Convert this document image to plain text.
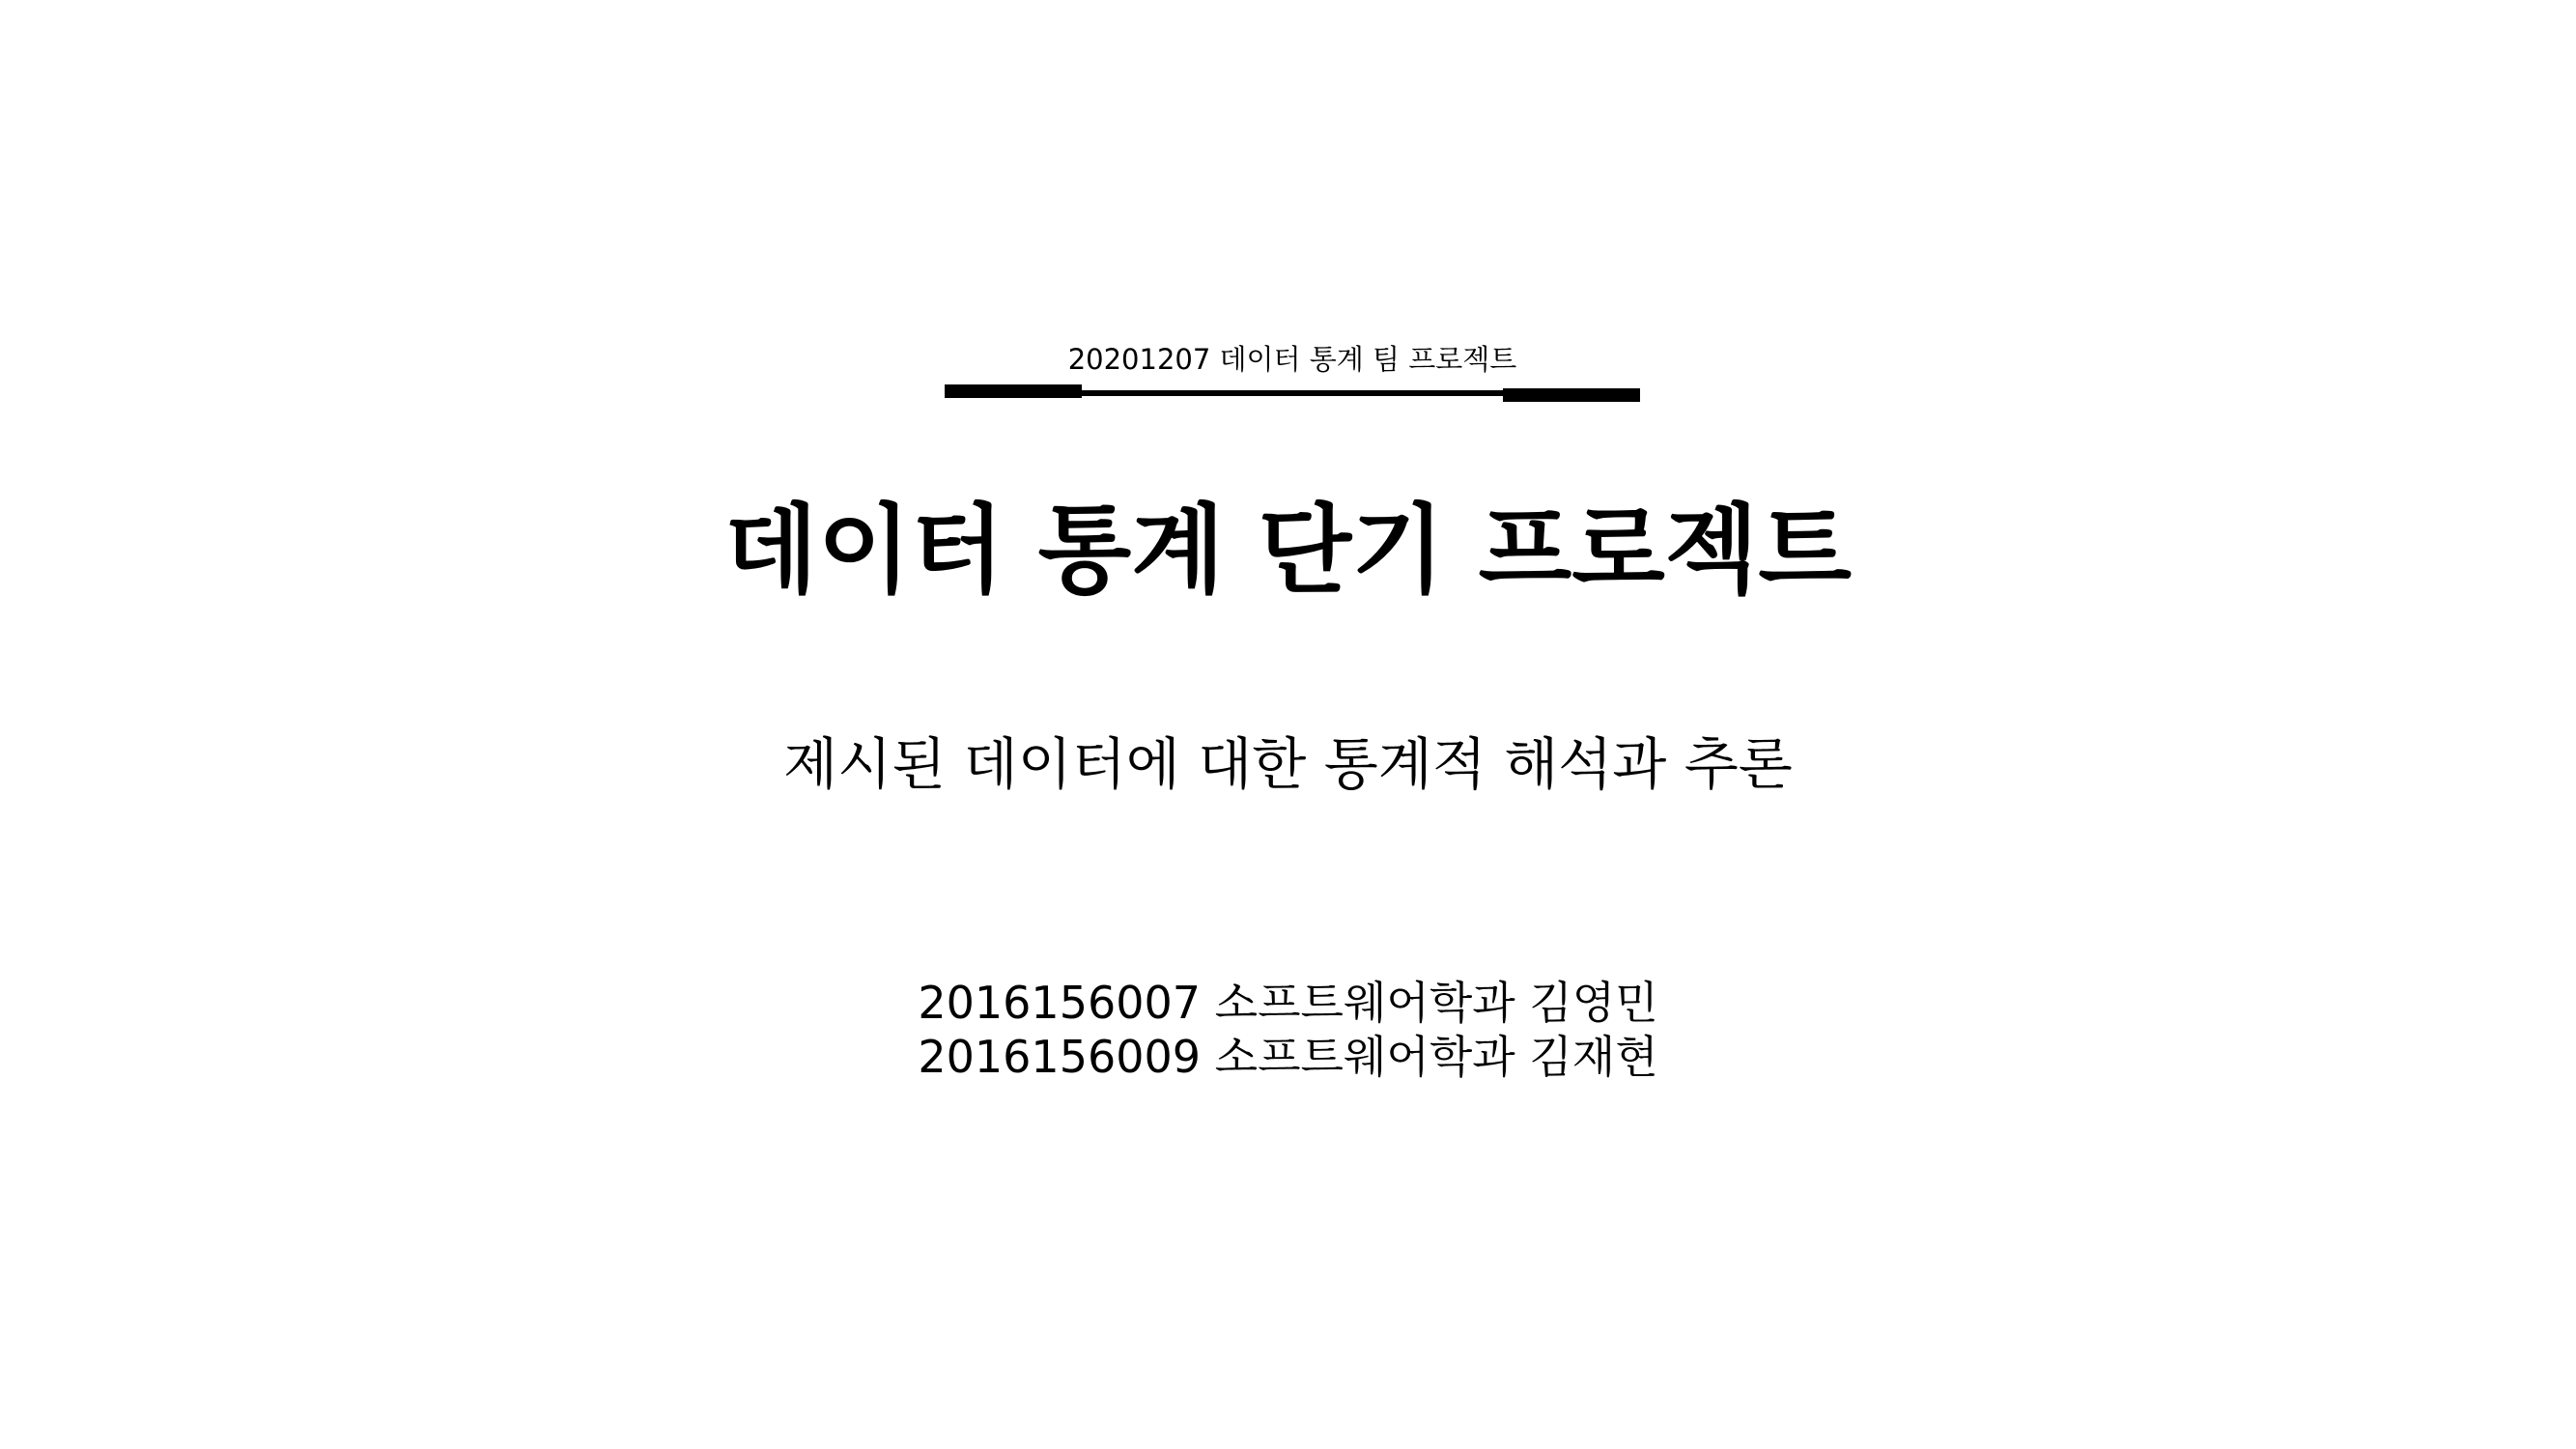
20201207 데이터 통계 팀 프로젝트
데이터 통계 단기 프로젝트
제시된 데이터에 대한 통계적 해석과 추론
2016156007 소프트웨어학과 김영민
2016156009 소프트웨어학과 김재현
